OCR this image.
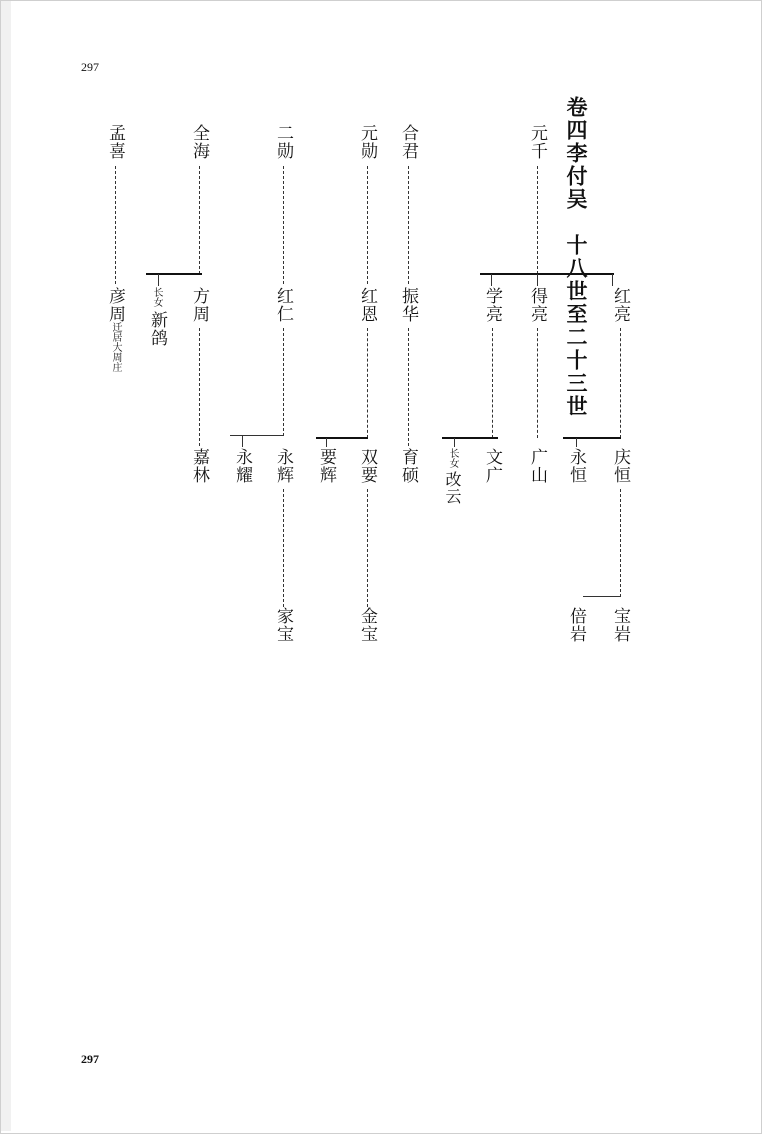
297
297
卷四李付吴　十八世至二十三世
元千
合君
元勋
二勋
全海
孟喜
红亮
得亮
学亮
振华
红恩
红仁
方周
长女
新鸽
彦周
迁居大周庄
庆恒
永恒
广山
文广
长女
改云
育硕
双要
要辉
永辉
永耀
嘉林
宝岩
倍岩
金宝
家宝
